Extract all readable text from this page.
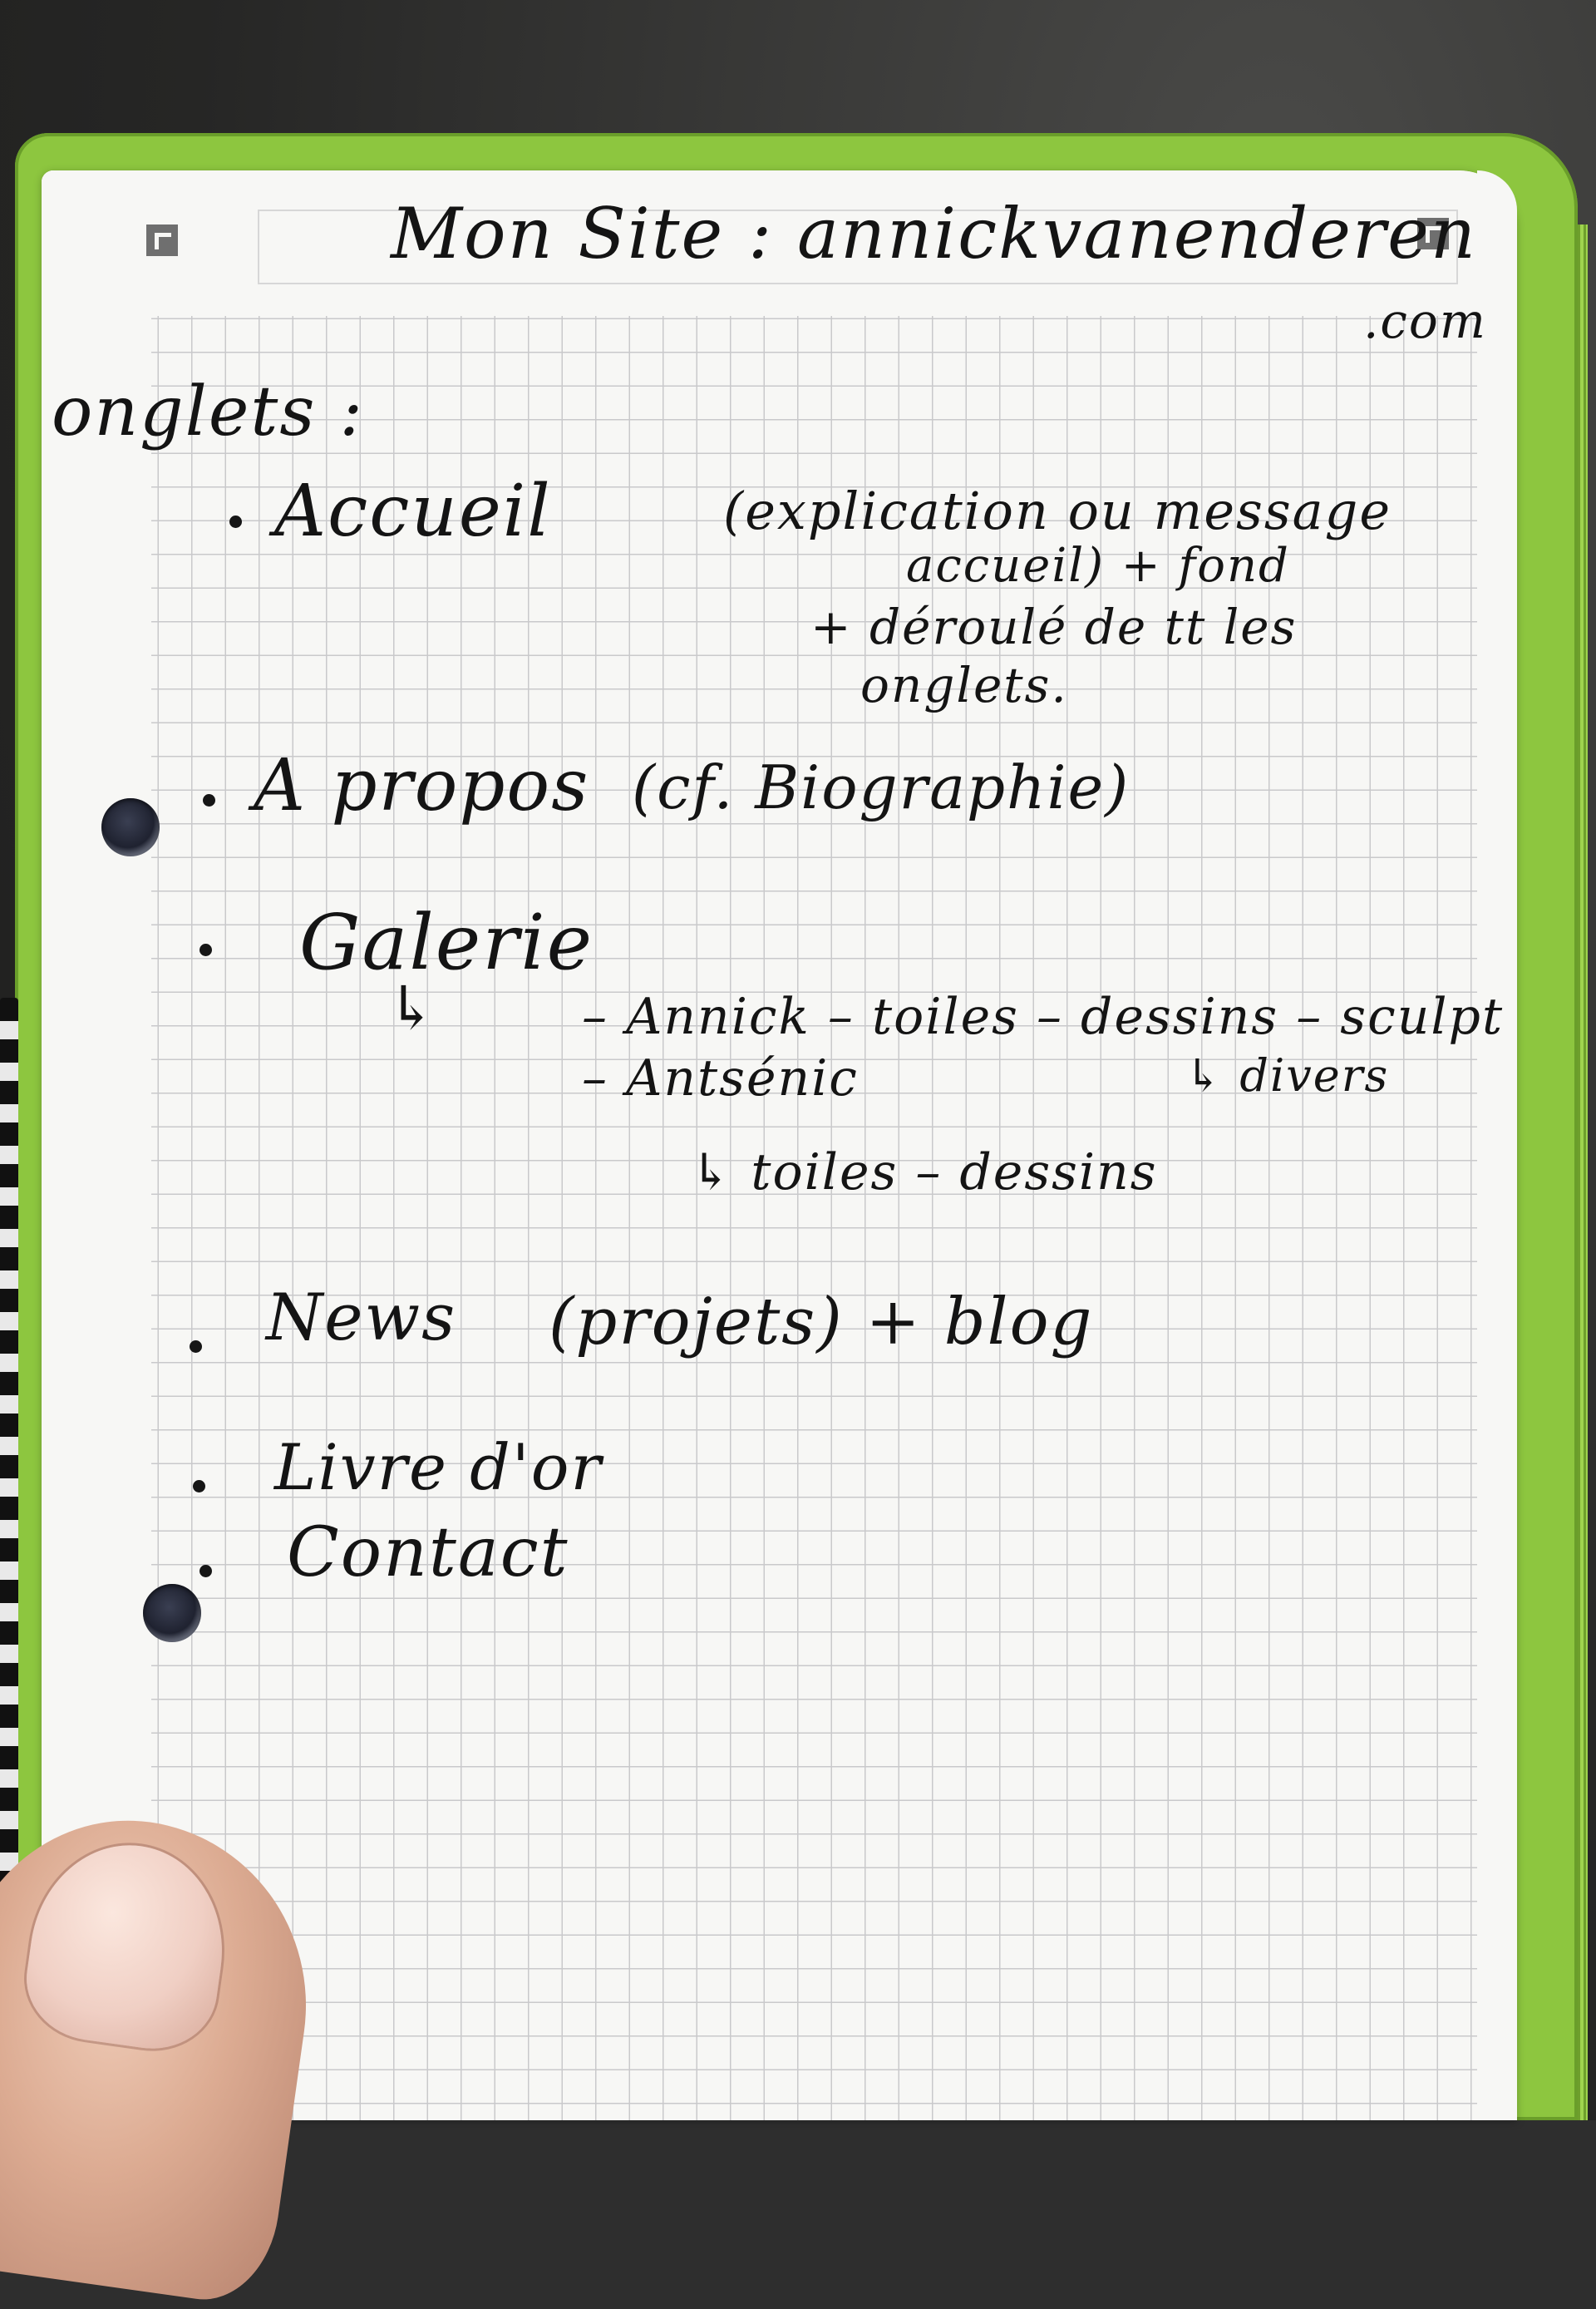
Mon Site : annickvanenderen
.com
onglets :
Accueil	(explication ou message
accueil) + fond
+ déroulé de tt les
onglets.
A propos (cf. Biographie)
Galerie
↳	– Annick – toiles – dessins – sculpt
↳ divers
– Antsénic
↳ toiles – dessins
News (projets) + blog
Livre d'or
Contact
